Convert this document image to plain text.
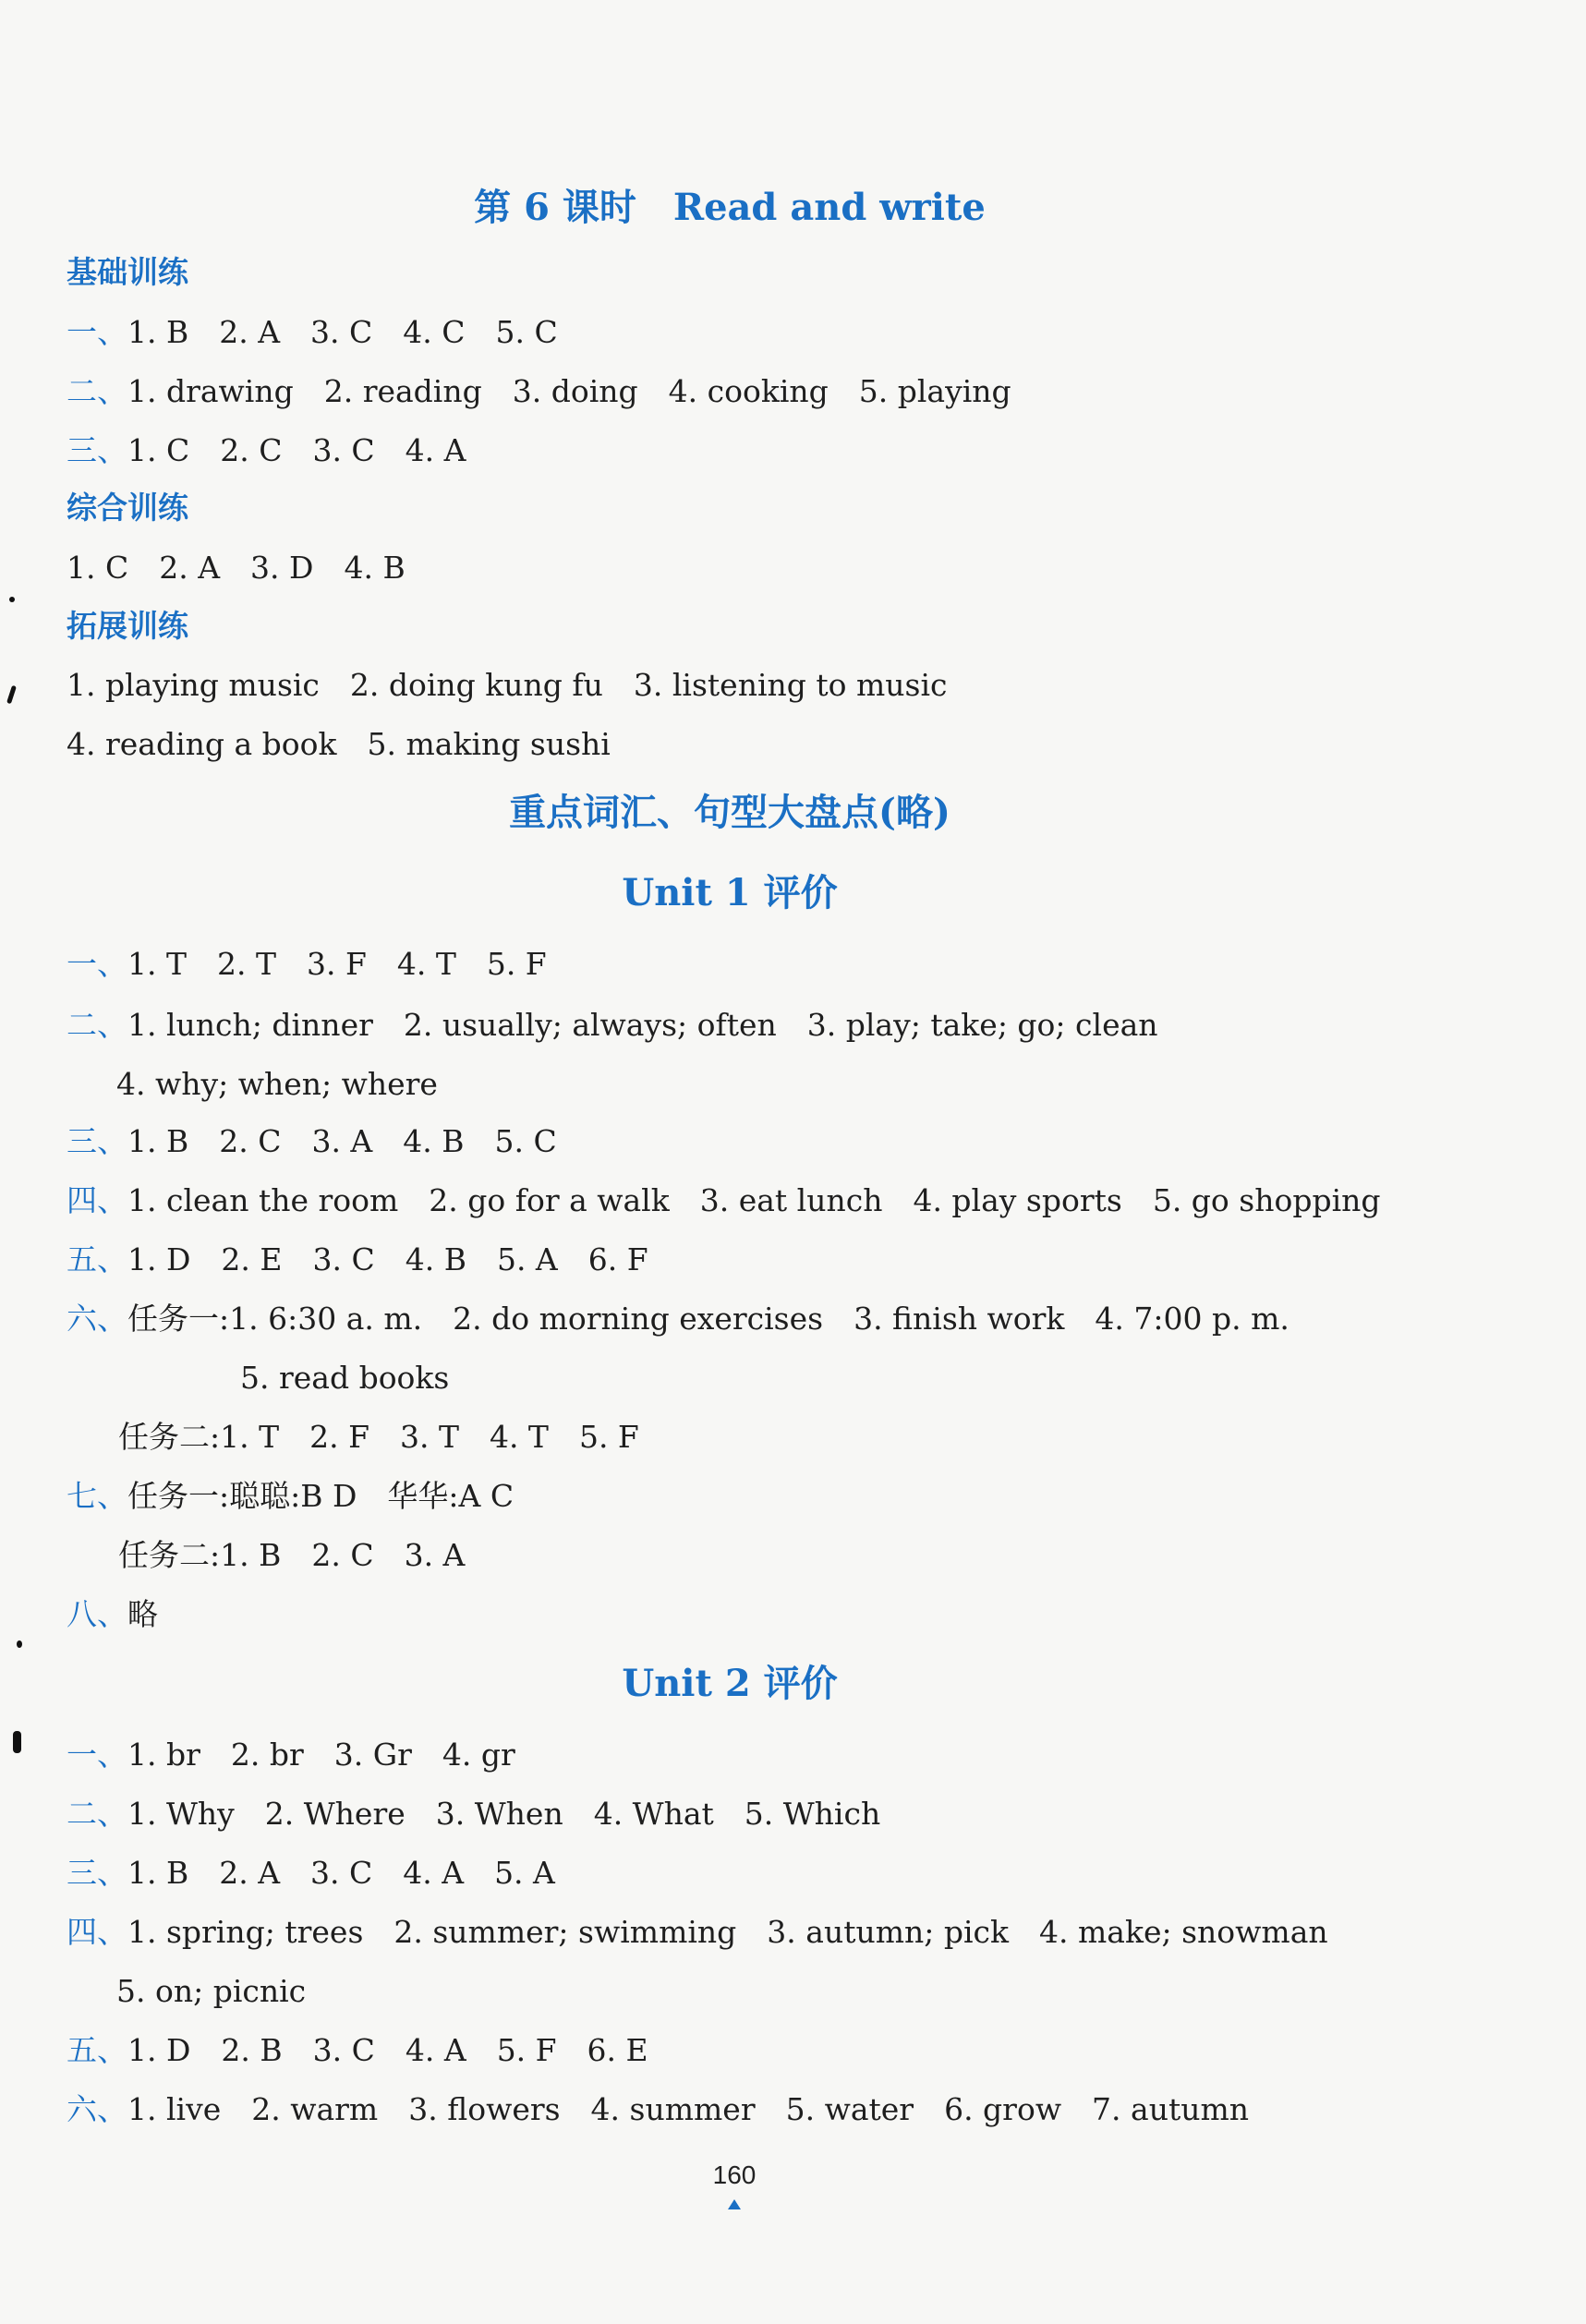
第 6 课时　Read and write
基础训练
一、1. B　2. A　3. C　4. C　5. C
二、1. drawing　2. reading　3. doing　4. cooking　5. playing
三、1. C　2. C　3. C　4. A
综合训练
1. C　2. A　3. D　4. B
拓展训练
1. playing music　2. doing kung fu　3. listening to music
4. reading a book　5. making sushi
重点词汇、句型大盘点(略)
Unit 1 评价
一、1. T　2. T　3. F　4. T　5. F
二、1. lunch; dinner　2. usually; always; often　3. play; take; go; clean
4. why; when; where
三、1. B　2. C　3. A　4. B　5. C
四、1. clean the room　2. go for a walk　3. eat lunch　4. play sports　5. go shopping
五、1. D　2. E　3. C　4. B　5. A　6. F
六、任务一:1. 6:30 a. m.　2. do morning exercises　3. finish work　4. 7:00 p. m.
5. read books
任务二:1. T　2. F　3. T　4. T　5. F
七、任务一:聪聪:B D　华华:A C
任务二:1. B　2. C　3. A
八、略
Unit 2 评价
一、1. br　2. br　3. Gr　4. gr
二、1. Why　2. Where　3. When　4. What　5. Which
三、1. B　2. A　3. C　4. A　5. A
四、1. spring; trees　2. summer; swimming　3. autumn; pick　4. make; snowman
5. on; picnic
五、1. D　2. B　3. C　4. A　5. F　6. E
六、1. live　2. warm　3. flowers　4. summer　5. water　6. grow　7. autumn
160
